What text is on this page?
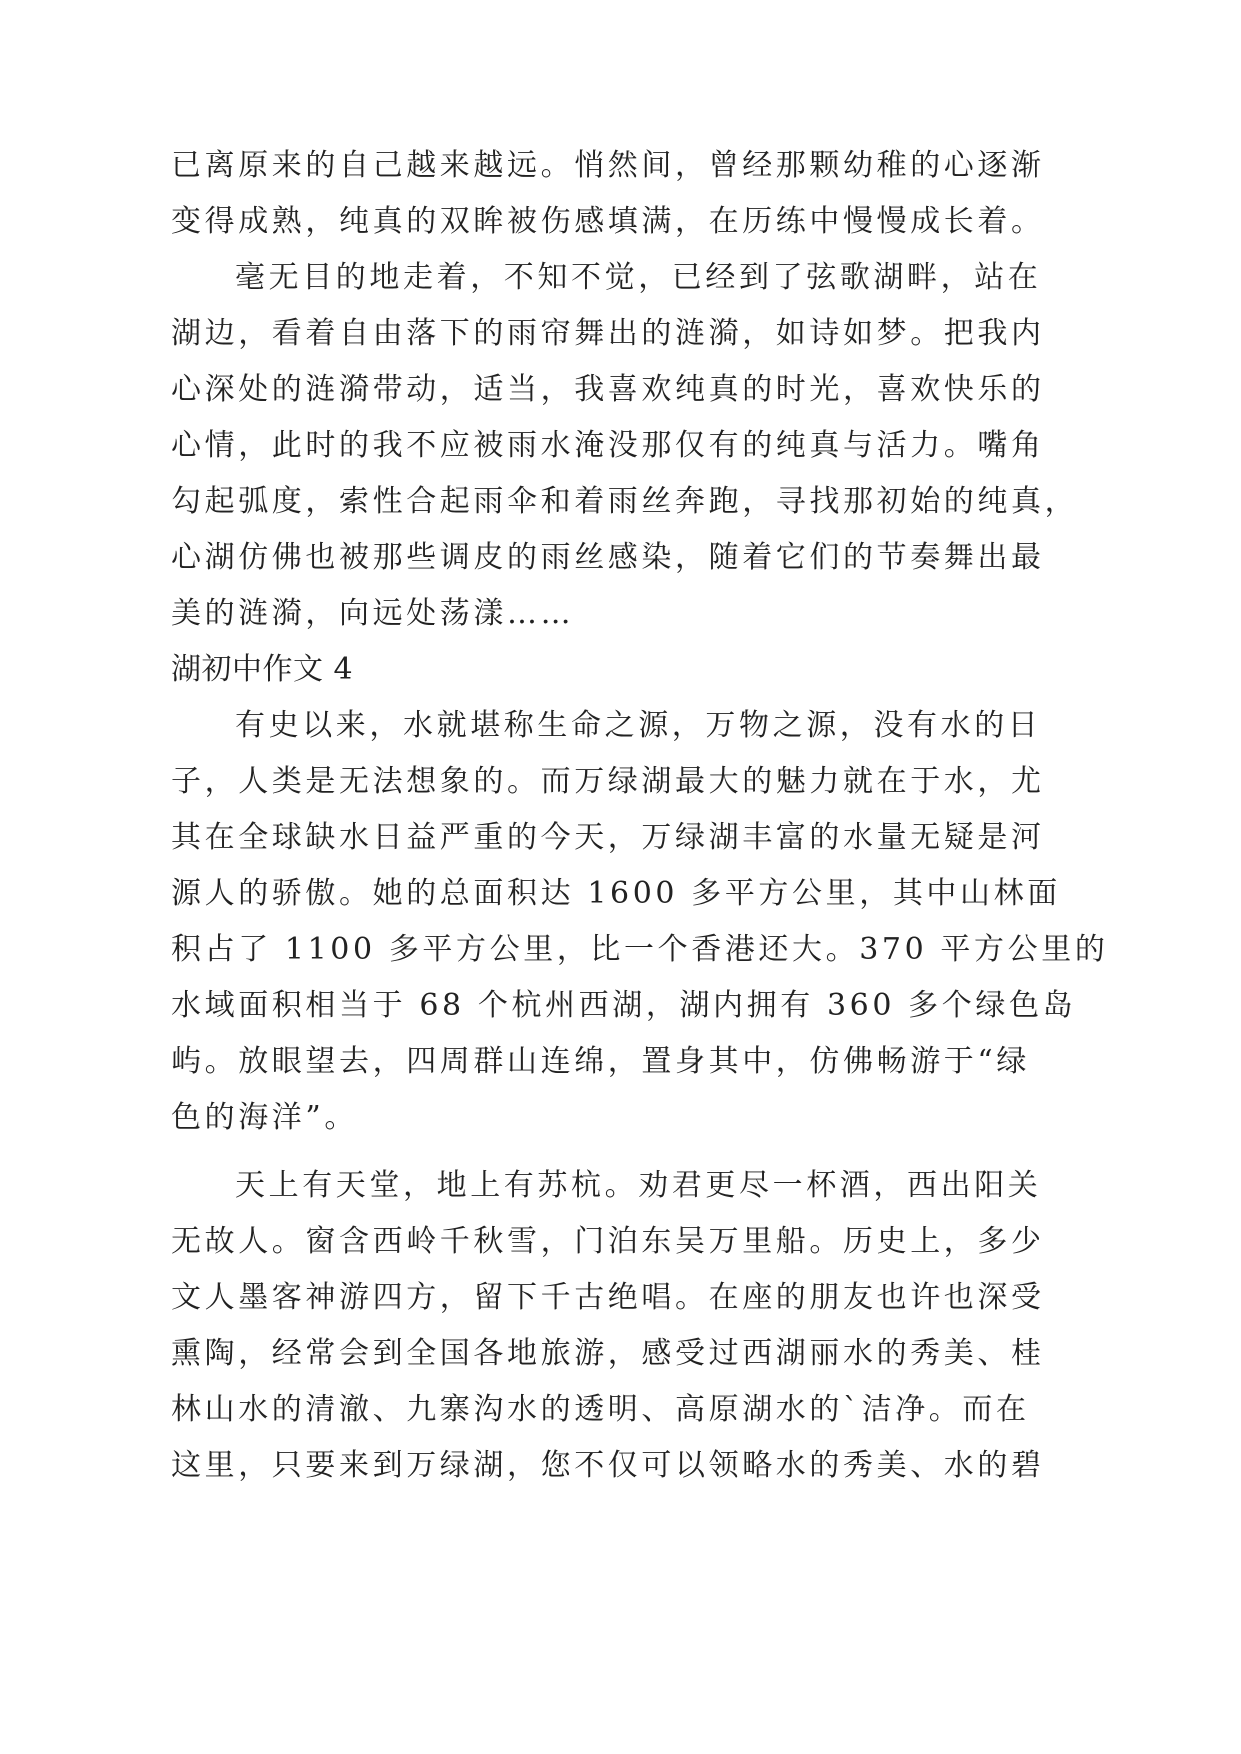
已离原来的自己越来越远。悄然间，曾经那颗幼稚的心逐渐
变得成熟，纯真的双眸被伤感填满，在历练中慢慢成长着。
毫无目的地走着，不知不觉，已经到了弦歌湖畔，站在
湖边，看着自由落下的雨帘舞出的涟漪，如诗如梦。把我内
心深处的涟漪带动，适当，我喜欢纯真的时光，喜欢快乐的
心情，此时的我不应被雨水淹没那仅有的纯真与活力。嘴角
勾起弧度，索性合起雨伞和着雨丝奔跑，寻找那初始的纯真，
心湖仿佛也被那些调皮的雨丝感染，随着它们的节奏舞出最
美的涟漪，向远处荡漾……
湖初中作文 4
有史以来，水就堪称生命之源，万物之源，没有水的日
子，人类是无法想象的。而万绿湖最大的魅力就在于水，尤
其在全球缺水日益严重的今天，万绿湖丰富的水量无疑是河
源人的骄傲。她的总面积达 1600 多平方公里，其中山林面
积占了 1100 多平方公里，比一个香港还大。370 平方公里的
水域面积相当于 68 个杭州西湖，湖内拥有 360 多个绿色岛
屿。放眼望去，四周群山连绵，置身其中，仿佛畅游于“绿
色的海洋”。
天上有天堂，地上有苏杭。劝君更尽一杯酒，西出阳关
无故人。窗含西岭千秋雪，门泊东吴万里船。历史上，多少
文人墨客神游四方，留下千古绝唱。在座的朋友也许也深受
熏陶，经常会到全国各地旅游，感受过西湖丽水的秀美、桂
林山水的清澈、九寨沟水的透明、高原湖水的`洁净。而在
这里，只要来到万绿湖，您不仅可以领略水的秀美、水的碧
